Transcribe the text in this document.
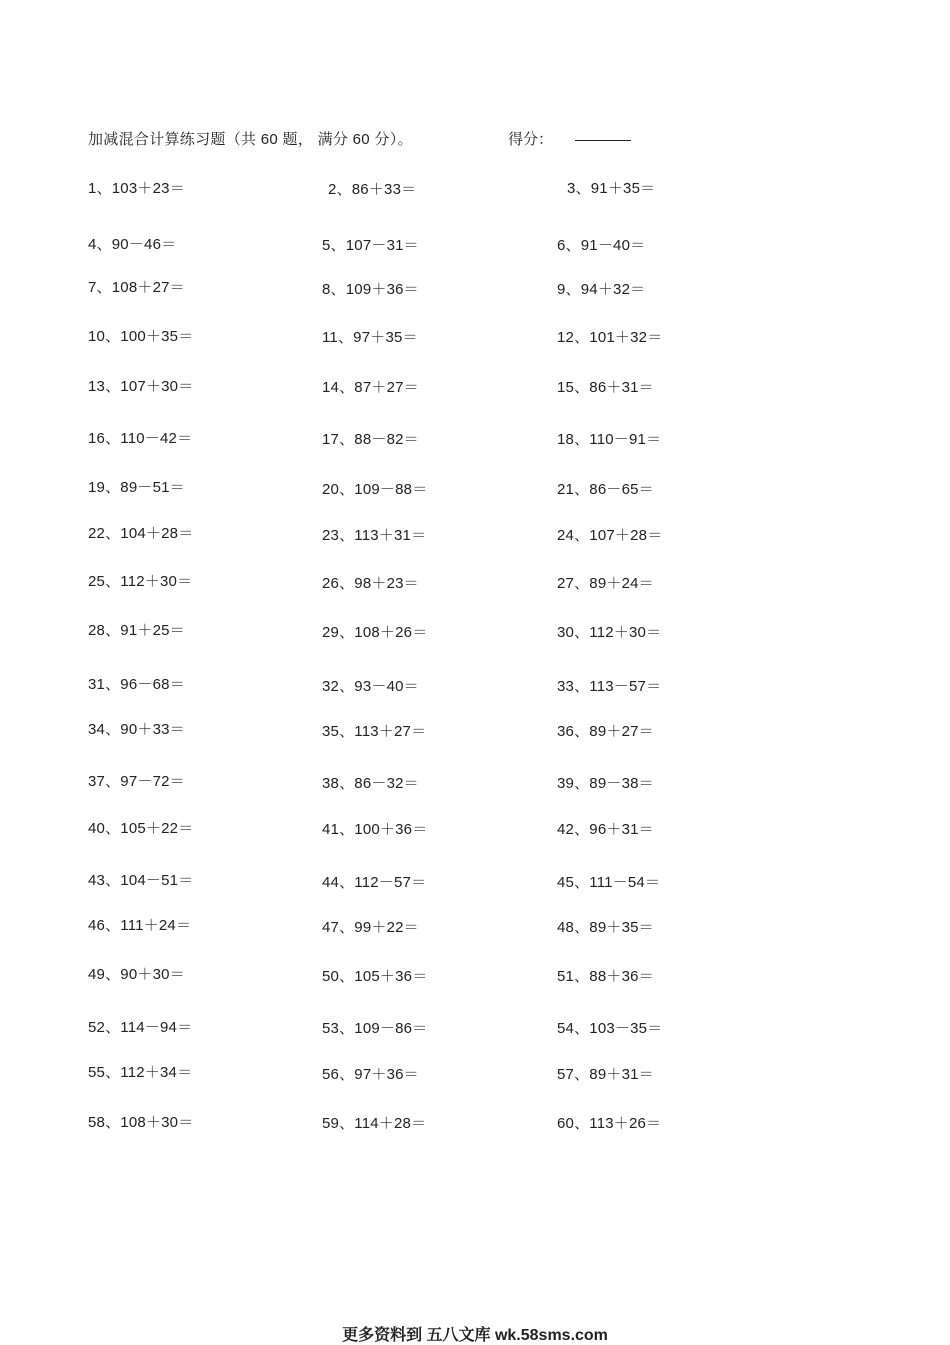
加减混合计算练习题（共 60 题， 满分 60 分）。	得分：
1、103＋23＝	2、86＋33＝	3、91＋35＝
4、90－46＝	5、107－31＝	6、91－40＝
7、108＋27＝	8、109＋36＝	9、94＋32＝
10、100＋35＝	11、97＋35＝	12、101＋32＝
13、107＋30＝	14、87＋27＝	15、86＋31＝
16、110－42＝	17、88－82＝	18、110－91＝
19、89－51＝	20、109－88＝	21、86－65＝
22、104＋28＝	23、113＋31＝	24、107＋28＝
25、112＋30＝	26、98＋23＝	27、89＋24＝
28、91＋25＝	29、108＋26＝	30、112＋30＝
31、96－68＝	32、93－40＝	33、113－57＝
34、90＋33＝	35、113＋27＝	36、89＋27＝
37、97－72＝	38、86－32＝	39、89－38＝
40、105＋22＝	41、100＋36＝	42、96＋31＝
43、104－51＝	44、112－57＝	45、111－54＝
46、111＋24＝	47、99＋22＝	48、89＋35＝
49、90＋30＝	50、105＋36＝	51、88＋36＝
52、114－94＝	53、109－86＝	54、103－35＝
55、112＋34＝	56、97＋36＝	57、89＋31＝
58、108＋30＝	59、114＋28＝	60、113＋26＝
更多资料到 五八文库 wk.58sms.com
